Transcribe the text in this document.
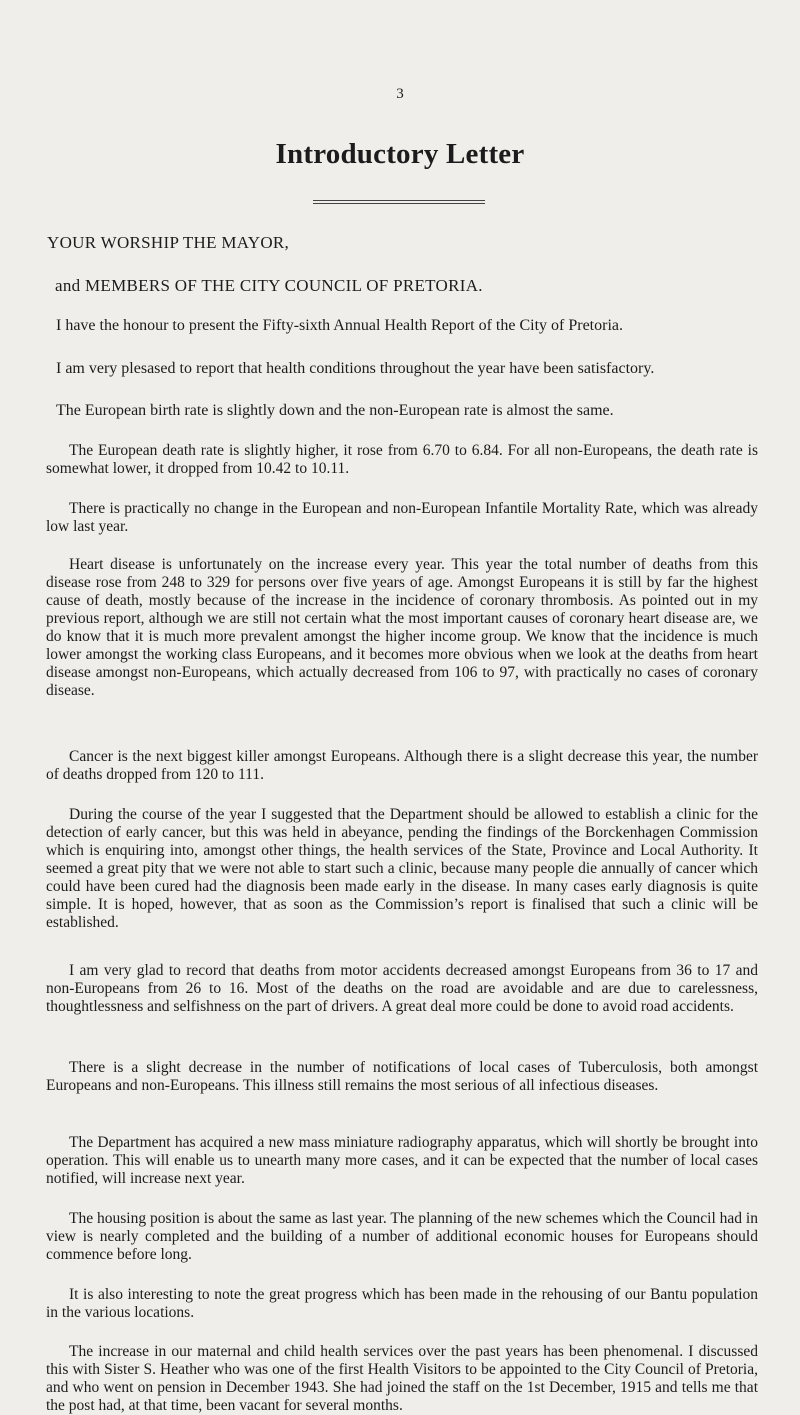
3
Introductory Letter
YOUR WORSHIP THE MAYOR,
and MEMBERS OF THE CITY COUNCIL OF PRETORIA.

I have the honour to present the Fifty-sixth Annual Health Report of the City of Pretoria.

I am very plesased to report that health conditions throughout the year have been satisfactory.

The European birth rate is slightly down and the non-European rate is almost the same.

The European death rate is slightly higher, it rose from 6.70 to 6.84. For all non-Europeans, the death rate is somewhat lower, it dropped from 10.42 to 10.11.

There is practically no change in the European and non-European Infantile Mortality Rate, which was already low last year.

Heart disease is unfortunately on the increase every year. This year the total number of deaths from this disease rose from 248 to 329 for persons over five years of age. Amongst Europeans it is still by far the highest cause of death, mostly because of the increase in the incidence of coronary thrombosis. As pointed out in my previous report, although we are still not certain what the most important causes of coronary heart disease are, we do know that it is much more prevalent amongst the higher income group. We know that the incidence is much lower amongst the working class Europeans, and it becomes more obvious when we look at the deaths from heart disease amongst non-Europeans, which actually decreased from 106 to 97, with practically no cases of coronary disease.

Cancer is the next biggest killer amongst Europeans. Although there is a slight decrease this year, the number of deaths dropped from 120 to 111.

During the course of the year I suggested that the Department should be allowed to establish a clinic for the detection of early cancer, but this was held in abeyance, pending the findings of the Borckenhagen Commission which is enquiring into, amongst other things, the health services of the State, Province and Local Authority. It seemed a great pity that we were not able to start such a clinic, because many people die annually of cancer which could have been cured had the diagnosis been made early in the disease. In many cases early diagnosis is quite simple. It is hoped, however, that as soon as the Commission’s report is finalised that such a clinic will be established.

I am very glad to record that deaths from motor accidents decreased amongst Europeans from 36 to 17 and non-Europeans from 26 to 16. Most of the deaths on the road are avoidable and are due to carelessness, thoughtlessness and selfishness on the part of drivers. A great deal more could be done to avoid road accidents.

There is a slight decrease in the number of notifications of local cases of Tuberculosis, both amongst Europeans and non-Europeans. This illness still remains the most serious of all infectious diseases.

The Department has acquired a new mass miniature radiography apparatus, which will shortly be brought into operation. This will enable us to unearth many more cases, and it can be expected that the number of local cases notified, will increase next year.

The housing position is about the same as last year. The planning of the new schemes which the Council had in view is nearly completed and the building of a number of additional economic houses for Europeans should commence before long.

It is also interesting to note the great progress which has been made in the rehousing of our Bantu population in the various locations.

The increase in our maternal and child health services over the past years has been phenomenal. I discussed this with Sister S. Heather who was one of the first Health Visitors to be appointed to the City Council of Pretoria, and who went on pension in December 1943. She had joined the staff on the 1st December, 1915 and tells me that the post had, at that time, been vacant for several months.
